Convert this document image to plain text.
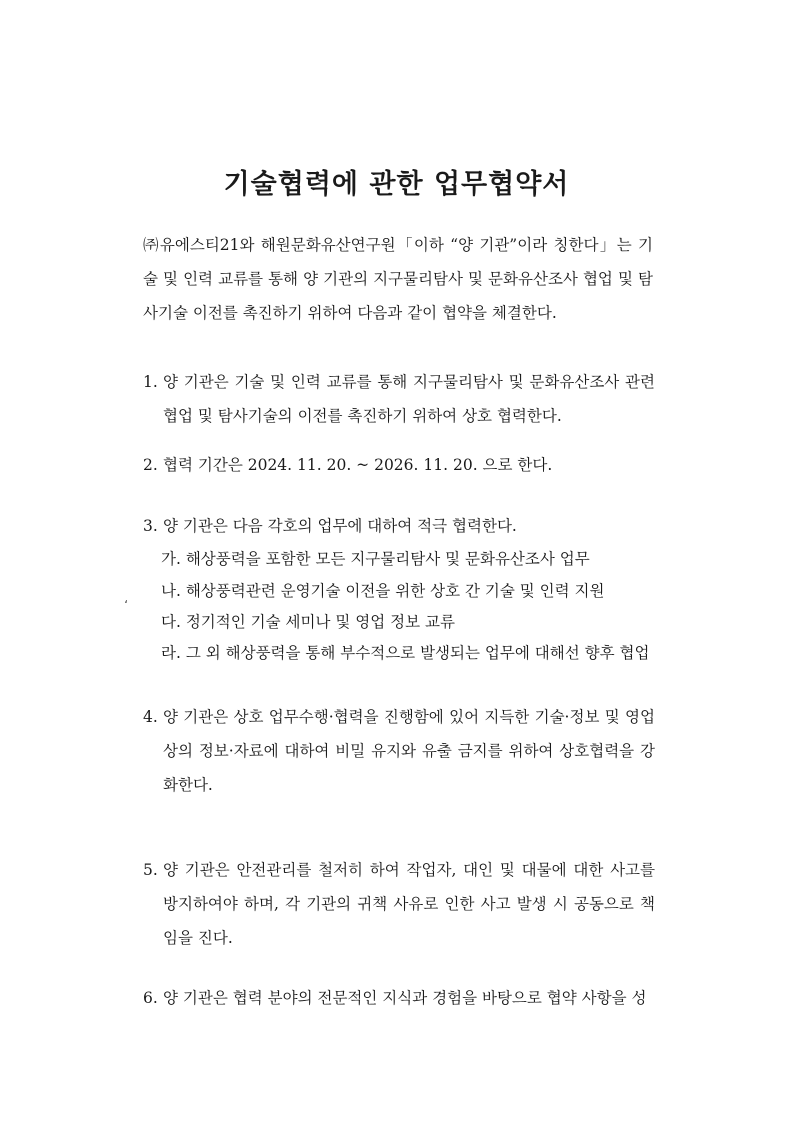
기술협력에 관한 업무협약서
㈜유에스티21와 해원문화유산연구원「이하 “양 기관”이라 칭한다」는 기술 및 인력 교류를 통해 양 기관의 지구물리탐사 및 문화유산조사 협업 및 탐사기술 이전를 촉진하기 위하여 다음과 같이 협약을 체결한다.
1. 양 기관은 기술 및 인력 교류를 통해 지구물리탐사 및 문화유산조사 관련 협업 및 탐사기술의 이전를 촉진하기 위하여 상호 협력한다.
2. 협력 기간은 2024. 11. 20. ~ 2026. 11. 20. 으로 한다.
3. 양 기관은 다음 각호의 업무에 대하여 적극 협력한다.
가. 해상풍력을 포함한 모든 지구물리탐사 및 문화유산조사 업무
나. 해상풍력관련 운영기술 이전을 위한 상호 간 기술 및 인력 지원
다. 정기적인 기술 세미나 및 영업 정보 교류
라. 그 외 해상풍력을 통해 부수적으로 발생되는 업무에 대해선 향후 협업
،
4. 양 기관은 상호 업무수행·협력을 진행함에 있어 지득한 기술·정보 및 영업상의 정보·자료에 대하여 비밀 유지와 유출 금지를 위하여 상호협력을 강화한다.
5. 양 기관은 안전관리를 철저히 하여 작업자, 대인 및 대물에 대한 사고를 방지하여야 하며, 각 기관의 귀책 사유로 인한 사고 발생 시 공동으로 책임을 진다.
6. 양 기관은 협력 분야의 전문적인 지식과 경험을 바탕으로 협약 사항을 성
